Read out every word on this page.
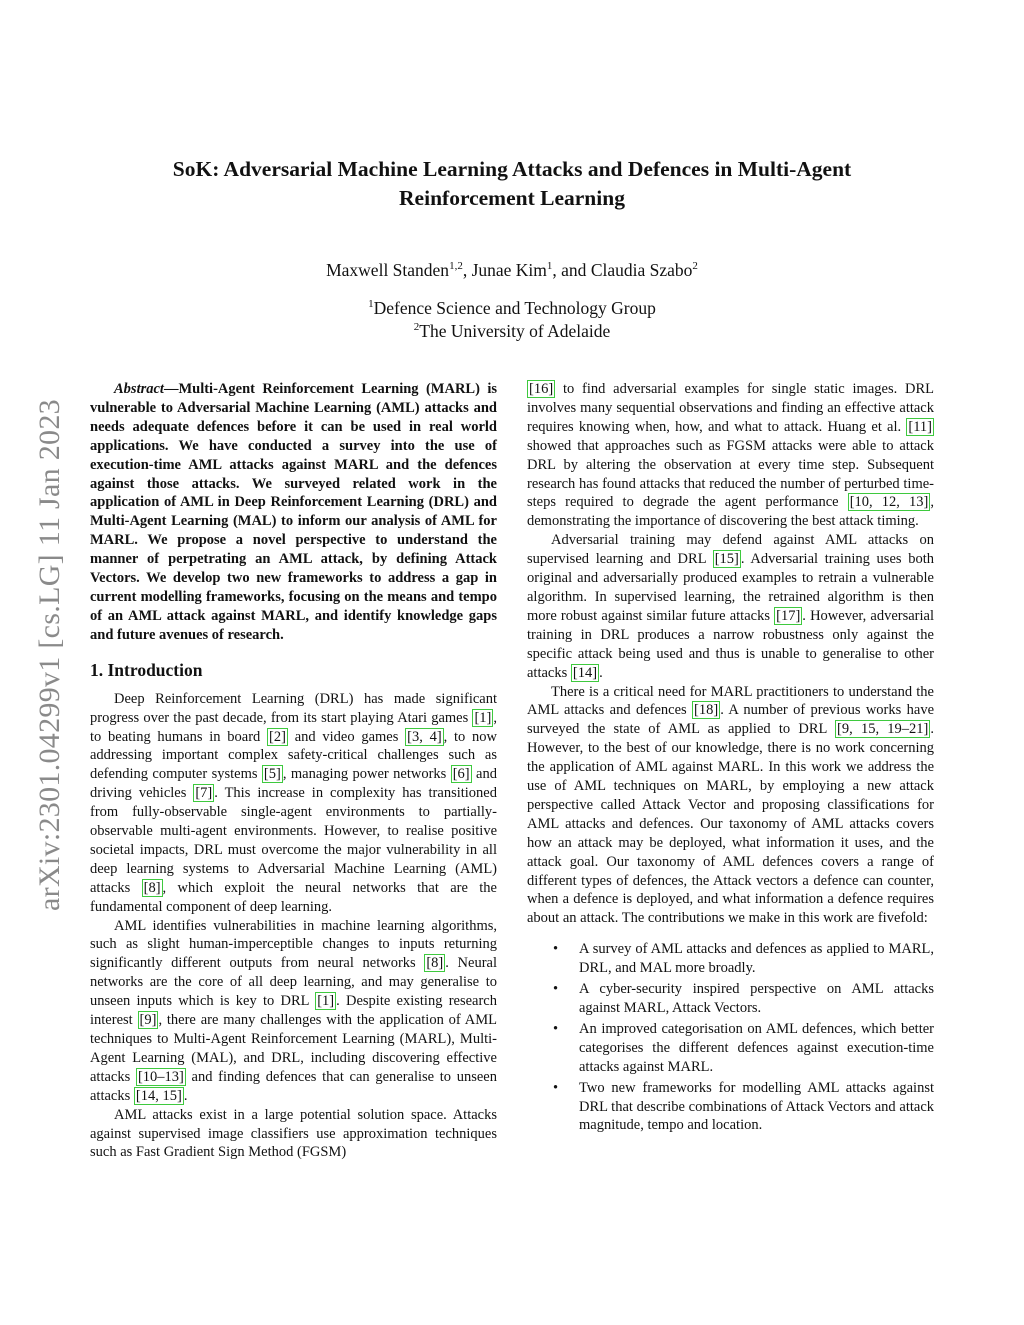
arXiv:2301.04299v1 [cs.LG] 11 Jan 2023
SoK: Adversarial Machine Learning Attacks and Defences in Multi-Agent
Reinforcement Learning
Maxwell Standen$^{1,2}$, Junae Kim$^1$, and Claudia Szabo$^2$
$^1$Defence Science and Technology Group
$^2$The University of Adelaide

Abstract—Multi-Agent Reinforcement Learning (MARL) is vulnerable to Adversarial Machine Learning (AML) attacks and needs adequate defences before it can be used in real world applications. We have conducted a survey into the use of execution-time AML attacks against MARL and the defences against those attacks. We surveyed related work in the application of AML in Deep Reinforcement Learning (DRL) and Multi-Agent Learning (MAL) to inform our analysis of AML for MARL. We propose a novel perspective to understand the manner of perpetrating an AML attack, by defining Attack Vectors. We develop two new frameworks to address a gap in current modelling frameworks, focusing on the means and tempo of an AML attack against MARL, and identify knowledge gaps and future avenues of research.

1. Introduction

Deep Reinforcement Learning (DRL) has made significant progress over the past decade, from its start playing Atari games [1] , to beating humans in board [2] and video games [3, 4] , to now addressing important complex safety-critical challenges such as defending computer systems [5] , managing power networks [6] and driving vehicles [7] . This increase in complexity has transitioned from fully-observable single-agent environments to partially-observable multi-agent environments. However, to realise positive societal impacts, DRL must overcome the major vulnerability in all deep learning systems to Adversarial Machine Learning (AML) attacks [8] , which exploit the neural networks that are the fundamental component of deep learning.

AML identifies vulnerabilities in machine learning algorithms, such as slight human-imperceptible changes to inputs returning significantly different outputs from neural networks [8] . Neural networks are the core of all deep learning, and may generalise to unseen inputs which is key to DRL [1] . Despite existing research interest [9] , there are many challenges with the application of AML techniques to Multi-Agent Reinforcement Learning (MARL), Multi-Agent Learning (MAL), and DRL, including discovering effective attacks [10–13] and finding defences that can generalise to unseen attacks [14, 15] .

AML attacks exist in a large potential solution space. Attacks against supervised image classifiers use approximation techniques such as Fast Gradient Sign Method (FGSM)

[16] to find adversarial examples for single static images. DRL involves many sequential observations and finding an effective attack requires knowing when, how, and what to attack. Huang et al. [11] showed that approaches such as FGSM attacks were able to attack DRL by altering the observation at every time step. Subsequent research has found attacks that reduced the number of perturbed time-steps required to degrade the agent performance [10, 12, 13] , demonstrating the importance of discovering the best attack timing.

Adversarial training may defend against AML attacks on supervised learning and DRL [15] . Adversarial training uses both original and adversarially produced examples to retrain a vulnerable algorithm. In supervised learning, the retrained algorithm is then more robust against similar future attacks [17] . However, adversarial training in DRL produces a narrow robustness only against the specific attack being used and thus is unable to generalise to other attacks [14] .

There is a critical need for MARL practitioners to understand the AML attacks and defences [18] . A number of previous works have surveyed the state of AML as applied to DRL [9, 15, 19–21] . However, to the best of our knowledge, there is no work concerning the application of AML against MARL. In this work we address the use of AML techniques on MARL, by employing a new attack perspective called Attack Vector and proposing classifications for AML attacks and defences. Our taxonomy of AML attacks covers how an attack may be deployed, what information it uses, and the attack goal. Our taxonomy of AML defences covers a range of different types of defences, the Attack vectors a defence can counter, when a defence is deployed, and what information a defence requires about an attack. The contributions we make in this work are fivefold:

• A survey of AML attacks and defences as applied to MARL, DRL, and MAL more broadly.
• A cyber-security inspired perspective on AML attacks against MARL, Attack Vectors.
• An improved categorisation on AML defences, which better categorises the different defences against execution-time attacks against MARL.
• Two new frameworks for modelling AML attacks against DRL that describe combinations of Attack Vectors and attack magnitude, tempo and location.
